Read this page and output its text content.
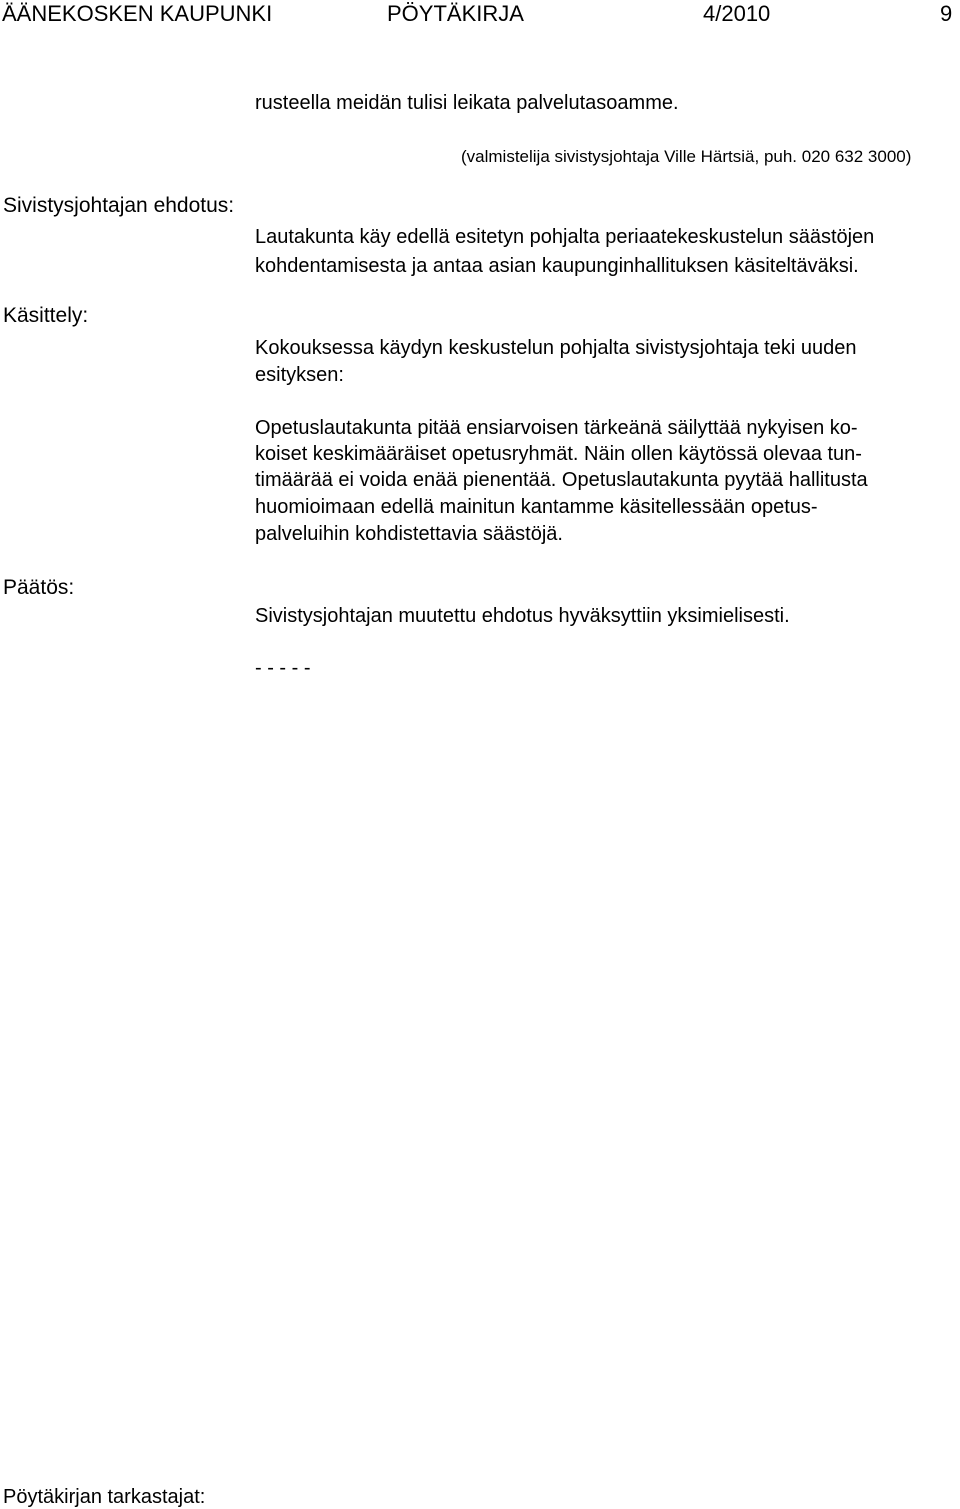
ÄÄNEKOSKEN KAUPUNKI	PÖYTÄKIRJA	4/2010	9
rusteella meidän tulisi leikata palvelutasoamme.
(valmistelija sivistysjohtaja Ville Härtsiä, puh. 020 632 3000)
Sivistysjohtajan ehdotus:
Lautakunta käy edellä esitetyn pohjalta periaatekeskustelun säästöjen
kohdentamisesta ja antaa asian kaupunginhallituksen käsiteltäväksi.
Käsittely:
Kokouksessa käydyn keskustelun pohjalta sivistysjohtaja teki uuden
esityksen:
Opetuslautakunta pitää ensiarvoisen tärkeänä säilyttää nykyisen ko-
koiset keskimääräiset opetusryhmät. Näin ollen käytössä olevaa tun-
timäärää ei voida enää pienentää. Opetuslautakunta pyytää hallitusta
huomioimaan edellä mainitun kantamme käsitellessään opetus-
palveluihin kohdistettavia säästöjä.
Päätös:
Sivistysjohtajan muutettu ehdotus hyväksyttiin yksimielisesti.
- - - - -
Pöytäkirjan tarkastajat:
